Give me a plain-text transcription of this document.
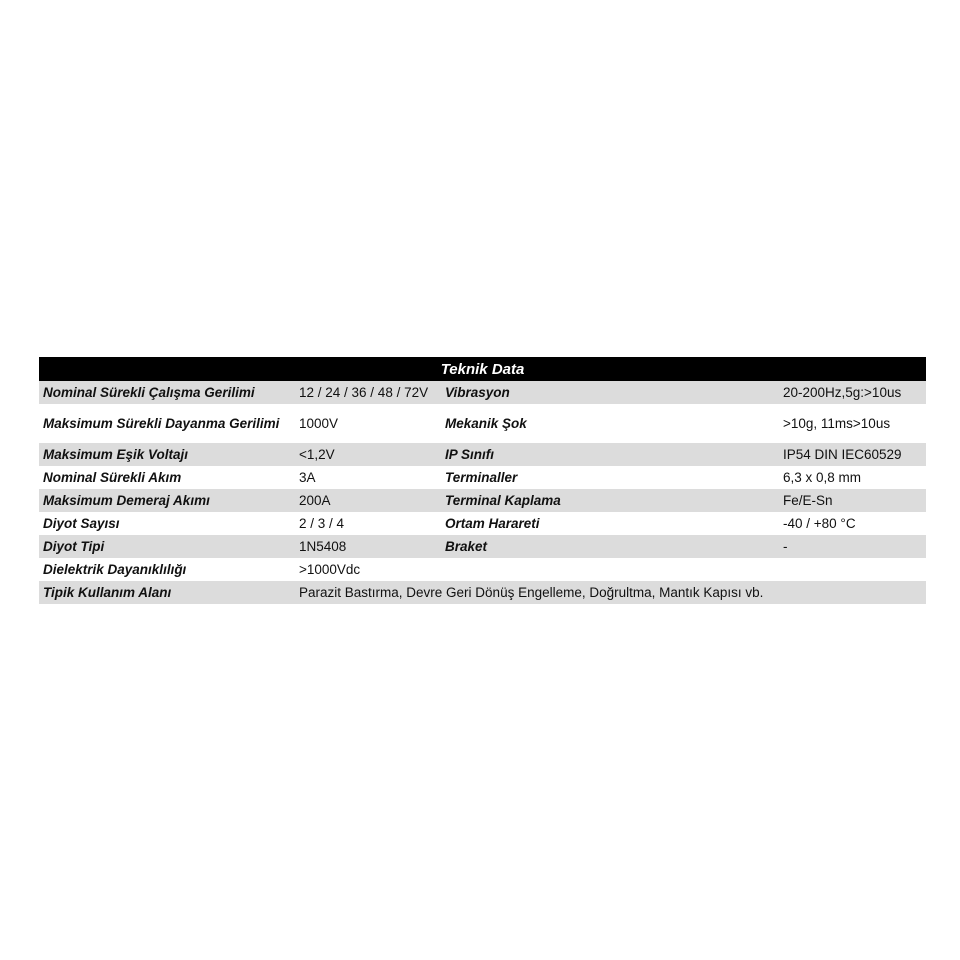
Teknik Data			
Nominal Sürekli Çalışma Gerilimi	12 / 24 / 36 / 48 / 72V	Vibrasyon	20-200Hz,5g:>10us
Maksimum Sürekli Dayanma Gerilimi	1000V	Mekanik Şok	>10g, 11ms>10us
Maksimum Eşik Voltajı	<1,2V	IP Sınıfı	IP54 DIN IEC60529
Nominal Sürekli Akım	3A	Terminaller	6,3 x 0,8 mm
Maksimum Demeraj Akımı	200A	Terminal Kaplama	Fe/E-Sn
Diyot Sayısı	2 / 3 / 4	Ortam Harareti	-40 / +80 °C
Diyot Tipi	1N5408	Braket	-
Dielektrik Dayanıklılığı	>1000Vdc		
Tipik Kullanım Alanı	Parazit Bastırma, Devre Geri Dönüş Engelleme, Doğrultma, Mantık Kapısı vb.		
